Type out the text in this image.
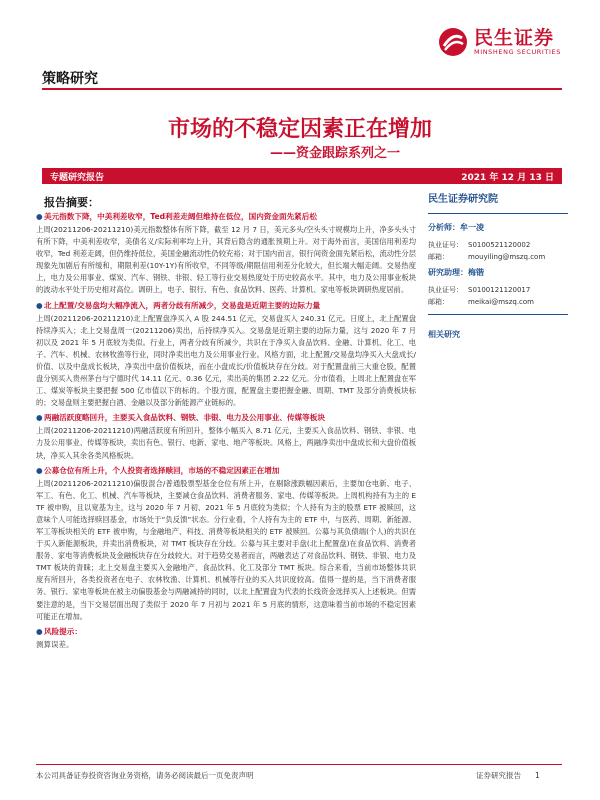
民生证券
MINSHENG SECURITIES
策略研究
市场的不稳定因素正在增加
——资金跟踪系列之一
专题研究报告	2021 年 12 月 13 日
报告摘要：
● 美元指数下降，中美利差收窄，Ted利差走阔但维持在低位，国内资金面先紧后松
上周(20211206-20211210)美元指数整体有所下降，截至 12 月 7 日，美元多头/空头头寸规模均上升，净多头头寸有所下降，中美利差收窄，美债名义/实际利率均上升，其背后隐含的通胀预期上升。对于海外而言，美国信用利差均收窄，Ted 利差走阔，但仍维持低位，美国金融流动性仍较充裕；对于国内而言，银行间资金面先紧后松，流动性分层现象先加剧后有所缓和，期限利差(10Y-1Y)有所收窄，不同等级/期限信用利差分化较大，但长端大幅走阔。交易热度上，电力及公用事业、煤炭、汽车、钢铁、非银、轻工等行业交易热度处于历史较高水平。其中，电力及公用事业板块的波动水平处于历史相对高位。调研上，电子、银行、有色、食品饮料、医药、计算机、家电等板块调研热度居前。
● 北上配置/交易盘均大幅净流入，两者分歧有所减少，交易盘是近期主要的边际力量
上周(20211206-20211210)北上配置盘净买入 A 股 244.51 亿元，交易盘买入 240.31 亿元。日度上，北上配置盘持续净买入；北上交易盘周一(20211206)卖出，后持续净买入。交易盘是近期主要的边际力量，这与 2020 年 7 月初以及 2021 年 5 月底较为类似。行业上，两者分歧有所减少，共识在于净买入食品饮料、金融、计算机、化工、电子、汽车、机械、农林牧渔等行业，同时净卖出电力及公用事业行业。风格方面，北上配置/交易盘均净买入大盘成长/价值、以及中盘成长板块，净卖出中盘价值板块，而在小盘成长/价值板块存在分歧。对于配置盘前三大重仓股，配置盘分别买入贵州茅台与宁德时代 14.11 亿元、0.36 亿元，卖出美的集团 2.22 亿元。分市值看，上周北上配置盘在军工、煤炭等板块主要把握 500 亿市值以下的标的。个股方面，配置盘主要把握金融、周期、TMT 及部分消费板块标的；交易盘则主要把握白酒、金融以及部分新能源产业链标的。
● 两融活跃度略回升，主要买入食品饮料、钢铁、非银、电力及公用事业、传媒等板块
上周(20211206-20211210)两融活跃度有所回升，整体小幅买入 8.71 亿元，主要买入食品饮料、钢铁、非银、电力及公用事业、传媒等板块，卖出有色、银行、电新、家电、地产等板块。风格上，两融净卖出中盘成长和大盘价值板块，净买入其余各类风格板块。
● 公募仓位有所上升，个人投资者选择赎回，市场的不稳定因素正在增加
上周(20211206-20211210)偏股混合/普通股票型基金仓位有所上升，在剔除涨跌幅因素后，主要加仓电新、电子、军工、有色、化工、机械、汽车等板块，主要减仓食品饮料、消费者服务、家电、传媒等板块。上周机构持有为主的 ETF 被申购，且以宽基为主，这与 2020 年 7 月初、2021 年 5 月底较为类似；个人持有为主的股票 ETF 被赎回，这意味个人可能选择赎回基金，市场处于“负反馈”状态。分行业看，个人持有为主的 ETF 中，与医药、周期、新能源、军工等板块相关的 ETF 被申购，与金融地产、科技、消费等板块相关的 ETF 被赎回。公募与其负债端(个人)的共识在于买入新能源板块，并卖出消费板块，对 TMT 板块存在分歧。公募与其主要对手盘(北上配置盘)在食品饮料、消费者服务、家电等消费板块及金融板块存在分歧较大。对于趋势交易者而言，两融表达了对食品饮料、钢铁、非银、电力及 TMT 板块的青睐；北上交易盘主要买入金融地产、食品饮料、化工及部分 TMT 板块。综合来看，当前市场整体共识度有所回升，各类投资者在电子、农林牧渔、计算机、机械等行业的买入共识度较高。值得一提的是，当下消费者服务、银行、家电等板块在被主动偏股基金与两融减持的同时，以北上配置盘为代表的长线资金选择买入上述板块。但需要注意的是，当下交易层面出现了类似于 2020 年 7 月初与 2021 年 5 月底的情形，这意味着当前市场的不稳定因素可能正在增加。
● 风险提示：
测算误差。
民生证券研究院
分析师：牟一凌
执业证号： S0100521120002
邮箱：	mouyiling@mszq.com
研究助理：梅锴
执业证号： S0100121120017
邮箱：	meikai@mszq.com
相关研究
本公司具备证券投资咨询业务资格，请务必阅读最后一页免责声明	证券研究报告 1
